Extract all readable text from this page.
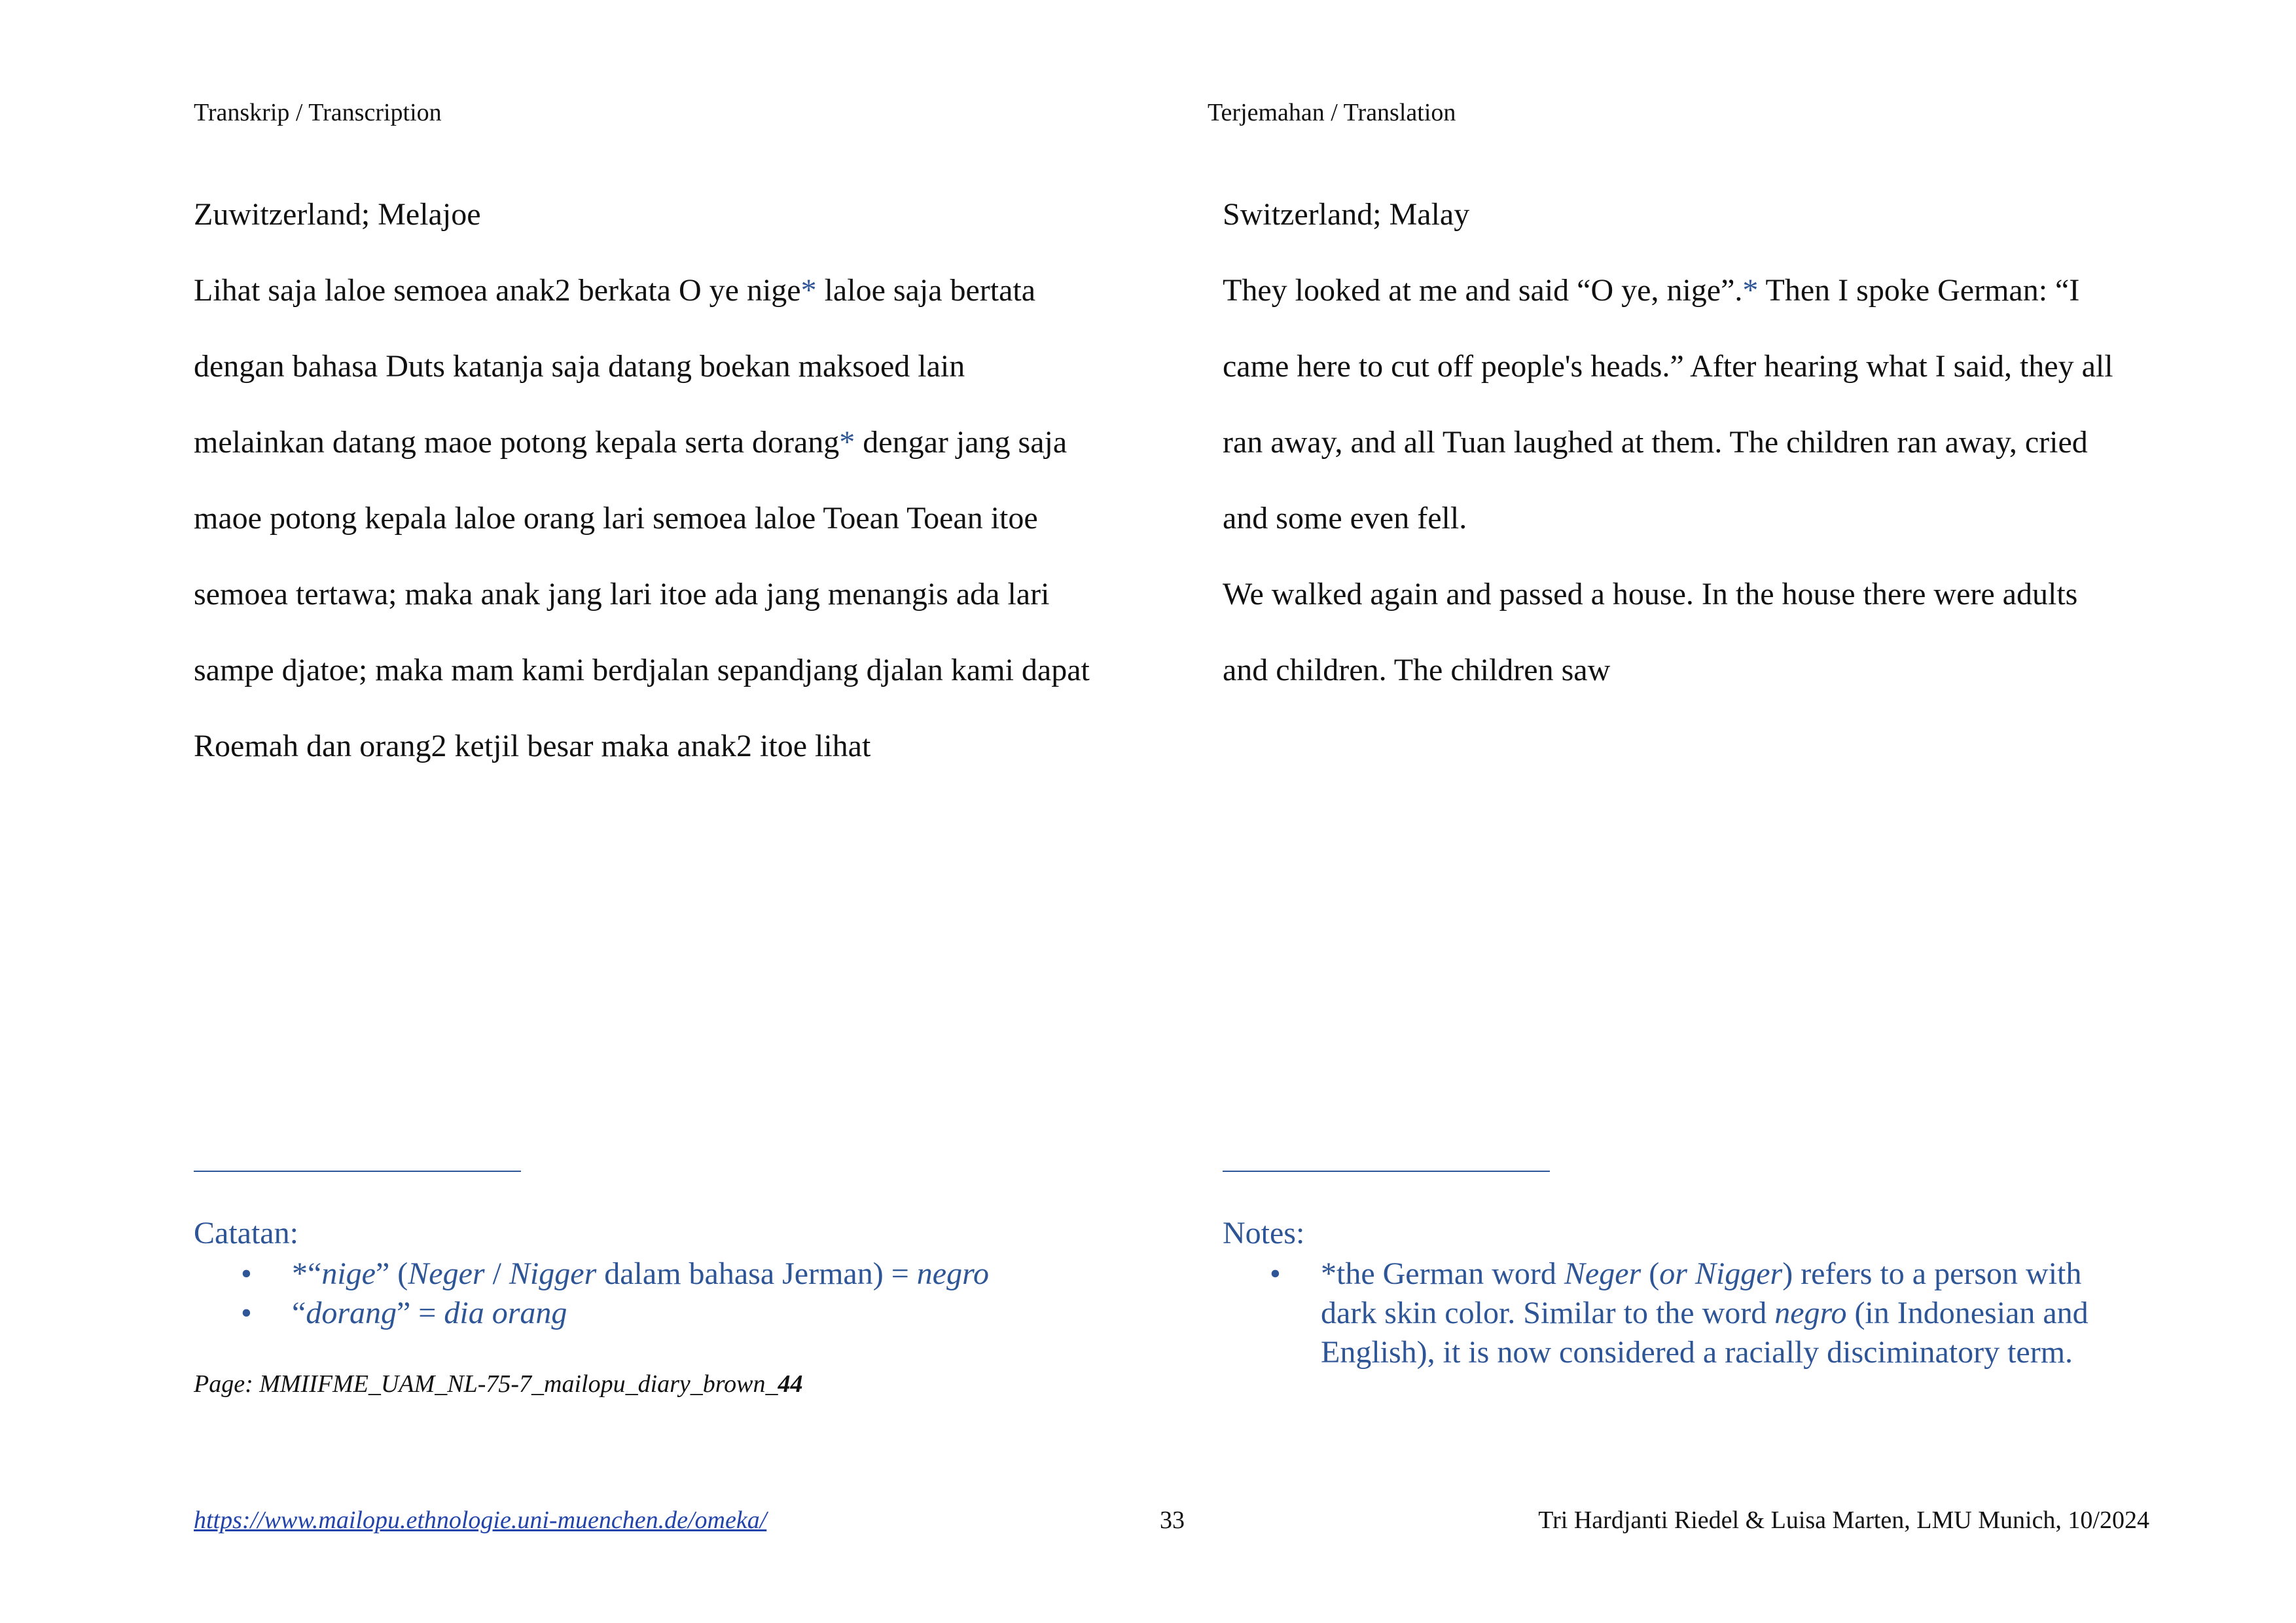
Transkrip / Transcription
Zuwitzerland; Melajoe

Lihat saja laloe semoea anak2 berkata O ye nige* laloe saja bertata

dengan bahasa Duts katanja saja datang boekan maksoed lain

melainkan datang maoe potong kepala serta dorang* dengar jang saja

maoe potong kepala laloe orang lari semoea laloe Toean Toean itoe

semoea tertawa; maka anak jang lari itoe ada jang menangis ada lari

sampe djatoe; maka mam kami berdjalan sepandjang djalan kami dapat

Roemah dan orang2 ketjil besar maka anak2 itoe lihat

Catatan:
• *“nige” (Neger / Nigger dalam bahasa Jerman) = negro
• “dorang” = dia orang
Page: MMIIFME_UAM_NL-75-7_mailopu_diary_brown_44
Terjemahan / Translation
Switzerland; Malay

They looked at me and said “O ye, nige”.* Then I spoke German: “I

came here to cut off people's heads.” After hearing what I said, they all

ran away, and all Tuan laughed at them. The children ran away, cried

and some even fell.

We walked again and passed a house. In the house there were adults

and children. The children saw

Notes:
• *the German word Neger (or Nigger) refers to a person with dark skin color. Similar to the word negro (in Indonesian and English), it is now considered a racially disciminatory term.
https://www.mailopu.ethnologie.uni-muenchen.de/omeka/	33	Tri Hardjanti Riedel & Luisa Marten, LMU Munich, 10/2024
